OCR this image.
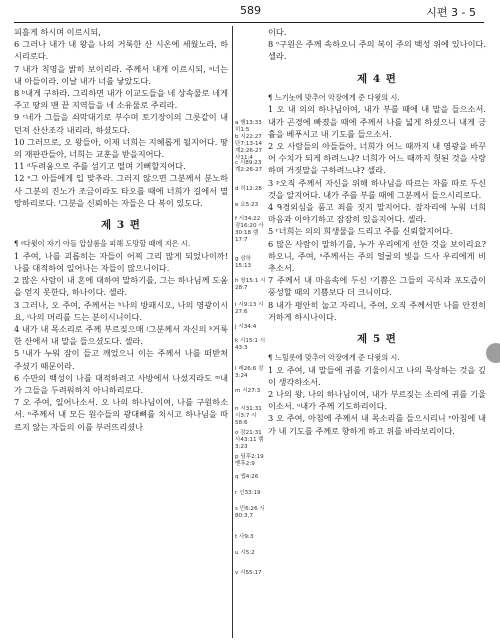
589	시편 3 - 5

피흘게 하시며 이르시되,

6 그러나 내가 내 왕을 나의 거룩한 산 시온에 세웠노라, 하시리로다.

7 내가 칙명을 밝히 보이리라. 주께서 내게 이르시되, ᵃ너는 내 아들이라. 이날 내가 너를 낳았도다.

8 ᵇ내게 구하라. 그리하면 내가 이교도들을 네 상속물로 네게 주고 땅의 맨 끝 지역들을 네 소유물로 주리라.

9 ᶜ네가 그들을 쇠막대기로 부수며 토기장이의 그릇같이 내던져 산산조각 내리라, 하셨도다.

10 그러므로, 오 왕들아, 이제 너희는 지혜롭게 될지어다. 땅의 재판관들아, 너희는 교훈을 받을지어다.

11 ᵈ두려움으로 주를 섬기고 떨며 기뻐할지어다.

12 ᵉ그 아들에게 입 맞추라. 그러지 않으면 그분께서 분노하사 그분의 진노가 조금이라도 타오를 때에 너희가 길에서 멸망하리로다. ᶠ그분을 신뢰하는 자들은 다 복이 있도다.

제 3 편

¶ ᵍ다윗이 자기 아들 압살롬을 피해 도망할 때에 지은 시.

1 주여, 나를 괴롭히는 자들이 어찌 그리 많게 되었나이까! 나를 대적하여 일어나는 자들이 많으니이다.

2 많은 사람이 내 혼에 대하여 말하기를, 그는 하나님께 도움을 얻지 못한다, 하나이다. 셀라.

3 그러나, 오 주여, 주께서는 ʰ나의 방패시오, 나의 영광이시요, ⁱ나의 머리를 드는 분이시니이다.

4 내가 내 목소리로 주께 부르짖으매 ʲ그분께서 자신의 ᵏ거룩한 산에서 내 말을 들으셨도다. 셀라.

5 ˡ내가 누워 잠이 들고 깨었으니 이는 주께서 나를 떠받쳐 주셨기 때문이라.

6 수만의 백성이 나를 대적하려고 사방에서 나섰지라도 ᵐ내가 그들을 두려워하지 아니하리로다.

7 오 주여, 일어나소서. 오 나의 하나님이여, 나를 구원하소서. ⁿ주께서 내 모든 원수들의 광대뼈를 치시고 하나님을 따르지 않는 자들의 이를 부러뜨리셨나

a 행13:33 히1:5
b 시22:27 단7:13-14 계2:26-27 사11:4
c 시89:23 계2:26-27
d 히12:28
e 요5:23
f 시34:22 잠16:20 사30:18 렘17:7
g 삼하15:13
h 창15:1 시28:7
i 시9:13 시27:6
j 시34:4
k 시15:1 시43:3
l 레26:6 잠3:24
m 시27:3
n 시31:31 시3:7 시58:6
o 잠21:31 사43:11 렘3:23
p 딤후2:19 벧후2:9
q 엡4:26
r 신33:19
s 민6:26 시80:3,7
t 사9:3
u 시5:2
v 시55:17

이다.

8 ᵒ구원은 주께 속하오니 주의 복이 주의 백성 위에 있나이다. 셀라.

제 4 편

¶ 느기놋에 맞추어 악장에게 준 다윗의 시.

1 오 내 의의 하나님이여, 내가 부를 때에 내 말을 들으소서. 내가 곤경에 빠졌을 때에 주께서 나를 넓게 하셨으니 내게 긍휼을 베푸시고 내 기도를 들으소서.

2 오 사람들의 아들들아, 너희가 어느 때까지 내 영광을 바꾸어 수치가 되게 하려느냐? 너희가 어느 때까지 헛된 것을 사랑하며 거짓말을 구하려느냐? 셀라.

3 ᵖ오직 주께서 자신을 위해 하나님을 따르는 자를 따로 두신 것을 알지어다. 내가 주를 부를 때에 그분께서 들으시리로다.

4 ᑫ경외심을 품고 죄를 짓지 말지어다. 잠자리에 누워 너희 마음과 이야기하고 잠잠히 있을지어다. 셀라.

5 ʳ너희는 의의 희생물을 드리고 주를 신뢰할지어다.

6 많은 사람이 말하기를, 누가 우리에게 선한 것을 보이리요? 하오니, 주여, ˢ주께서는 주의 얼굴의 빛을 드사 우리에게 비추소서.

7 주께서 내 마음속에 두신 ᵗ기쁨은 그들의 곡식과 포도즙이 풍성할 때의 기쁨보다 더 크니이다.

8 내가 평안히 눕고 자리니, 주여, 오직 주께서만 나를 안전히 거하게 하시나이다.

제 5 편

¶ 느힐롯에 맞추어 악장에게 준 다윗의 시.

1 오 주여, 내 말들에 귀를 기울이시고 나의 묵상하는 것을 깊이 생각하소서.

2 나의 왕, 나의 하나님이여, 내가 부르짖는 소리에 귀를 기울이소서. ᵘ내가 주께 기도하리이다.

3 오 주여, 아침에 주께서 내 목소리를 들으시리니 ᵛ아침에 내가 내 기도를 주께로 향하게 하고 위를 바라보리이다.
